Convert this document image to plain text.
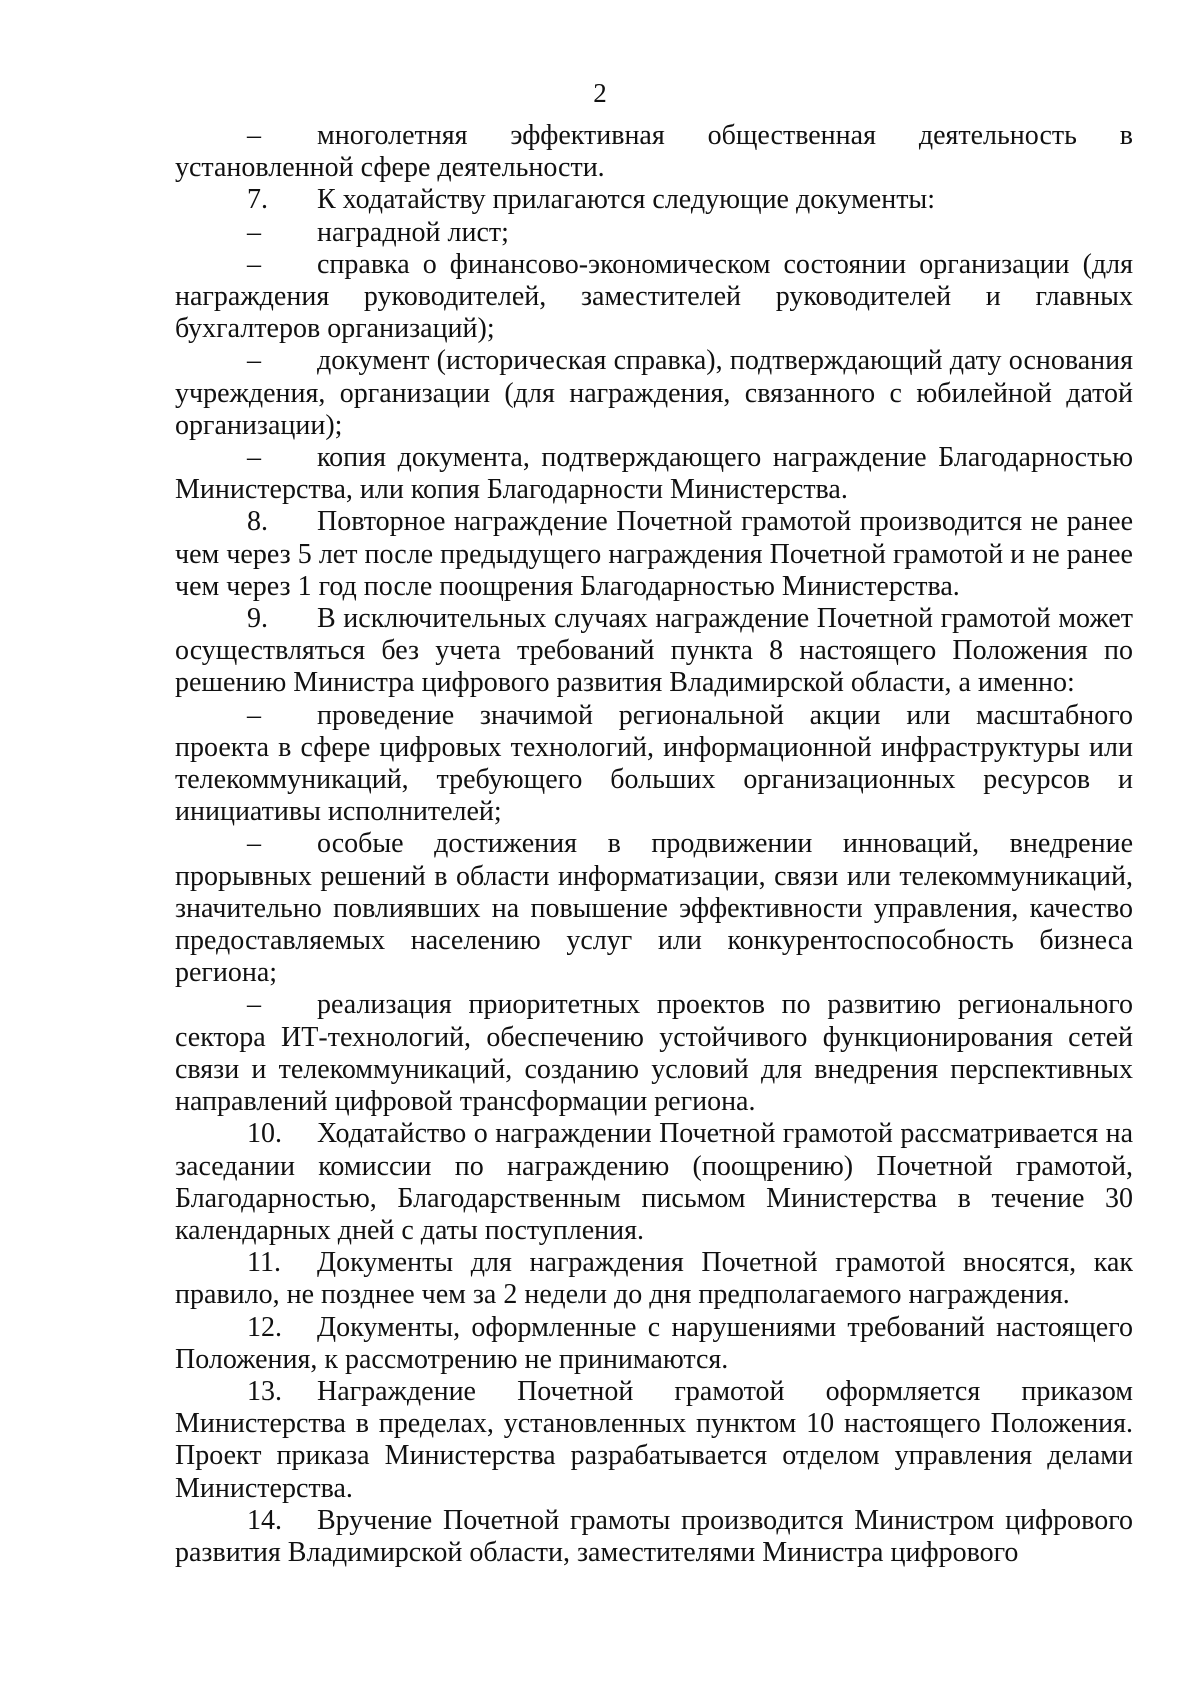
2

– многолетняя эффективная общественная деятельность в установленной сфере деятельности.

7. К ходатайству прилагаются следующие документы:

– наградной лист;

– справка о финансово-экономическом состоянии организации (для награждения руководителей, заместителей руководителей и главных бухгалтеров организаций);

– документ (историческая справка), подтверждающий дату основания учреждения, организации (для награждения, связанного с юбилейной датой организации);

– копия документа, подтверждающего награждение Благодарностью Министерства, или копия Благодарности Министерства.

8. Повторное награждение Почетной грамотой производится не ранее чем через 5 лет после предыдущего награждения Почетной грамотой и не ранее чем через 1 год после поощрения Благодарностью Министерства.

9. В исключительных случаях награждение Почетной грамотой может осуществляться без учета требований пункта 8 настоящего Положения по решению Министра цифрового развития Владимирской области, а именно:

– проведение значимой региональной акции или масштабного проекта в сфере цифровых технологий, информационной инфраструктуры или телекоммуникаций, требующего больших организационных ресурсов и инициативы исполнителей;

– особые достижения в продвижении инноваций, внедрение прорывных решений в области информатизации, связи или телекоммуникаций, значительно повлиявших на повышение эффективности управления, качество предоставляемых населению услуг или конкурентоспособность бизнеса региона;

– реализация приоритетных проектов по развитию регионального сектора ИТ-технологий, обеспечению устойчивого функционирования сетей связи и телекоммуникаций, созданию условий для внедрения перспективных направлений цифровой трансформации региона.

10. Ходатайство о награждении Почетной грамотой рассматривается на заседании комиссии по награждению (поощрению) Почетной грамотой, Благодарностью, Благодарственным письмом Министерства в течение 30 календарных дней с даты поступления.

11. Документы для награждения Почетной грамотой вносятся, как правило, не позднее чем за 2 недели до дня предполагаемого награждения.

12. Документы, оформленные с нарушениями требований настоящего Положения, к рассмотрению не принимаются.

13. Награждение Почетной грамотой оформляется приказом Министерства в пределах, установленных пунктом 10 настоящего Положения. Проект приказа Министерства разрабатывается отделом управления делами Министерства.

14. Вручение Почетной грамоты производится Министром цифрового развития Владимирской области, заместителями Министра цифрового
